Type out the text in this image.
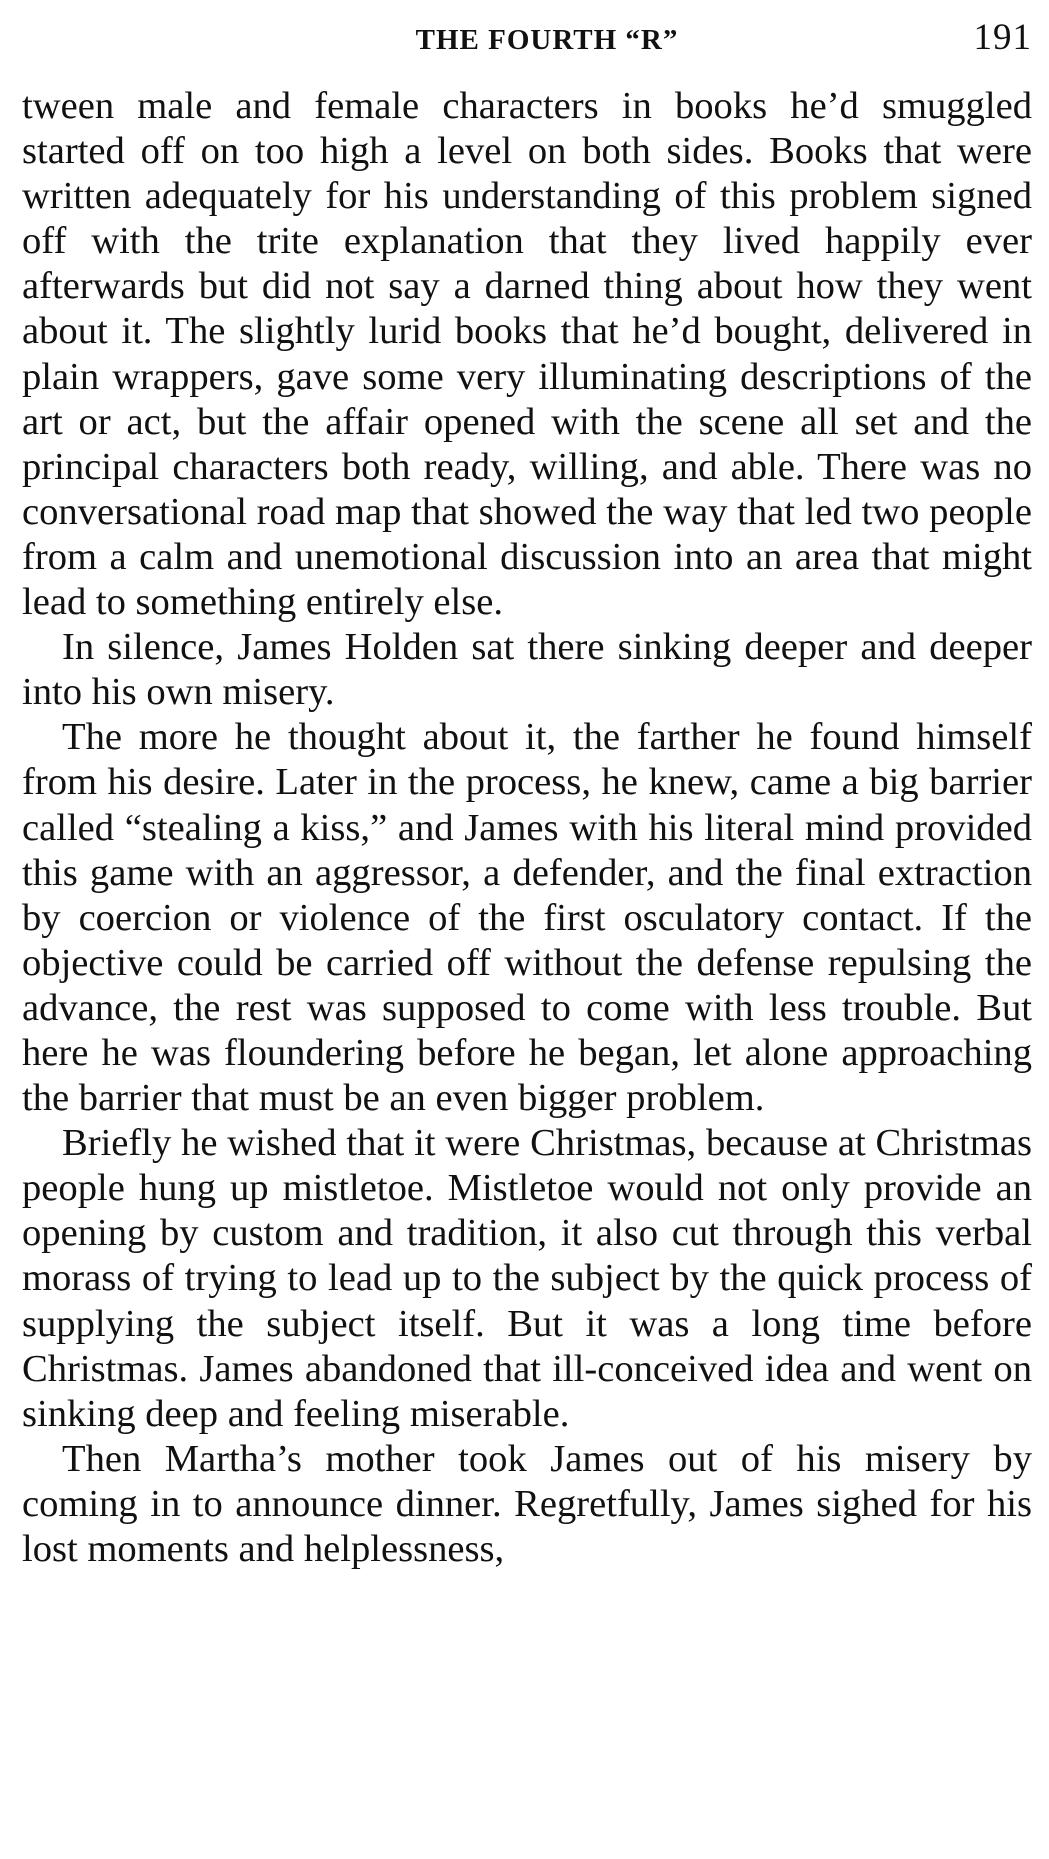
THE FOURTH “R”	191

tween male and female characters in books he’d smuggled started off on too high a level on both sides. Books that were written adequately for his understanding of this problem signed off with the trite explanation that they lived happily ever afterwards but did not say a darned thing about how they went about it. The slightly lurid books that he’d bought, delivered in plain wrappers, gave some very illuminating descriptions of the art or act, but the affair opened with the scene all set and the principal characters both ready, willing, and able. There was no conversational road map that showed the way that led two people from a calm and unemotional discussion into an area that might lead to something entirely else.

In silence, James Holden sat there sinking deeper and deeper into his own misery.

The more he thought about it, the farther he found himself from his desire. Later in the process, he knew, came a big barrier called “stealing a kiss,” and James with his literal mind provided this game with an aggressor, a defender, and the final extraction by coercion or violence of the first osculatory contact. If the objective could be carried off without the defense repulsing the advance, the rest was supposed to come with less trouble. But here he was floundering before he began, let alone approaching the barrier that must be an even bigger problem.

Briefly he wished that it were Christmas, because at Christmas people hung up mistletoe. Mistletoe would not only provide an opening by custom and tradition, it also cut through this verbal morass of trying to lead up to the subject by the quick process of supplying the subject itself. But it was a long time before Christmas. James abandoned that ill-conceived idea and went on sinking deep and feeling miserable.

Then Martha’s mother took James out of his misery by coming in to announce dinner. Regretfully, James sighed for his lost moments and helplessness,
